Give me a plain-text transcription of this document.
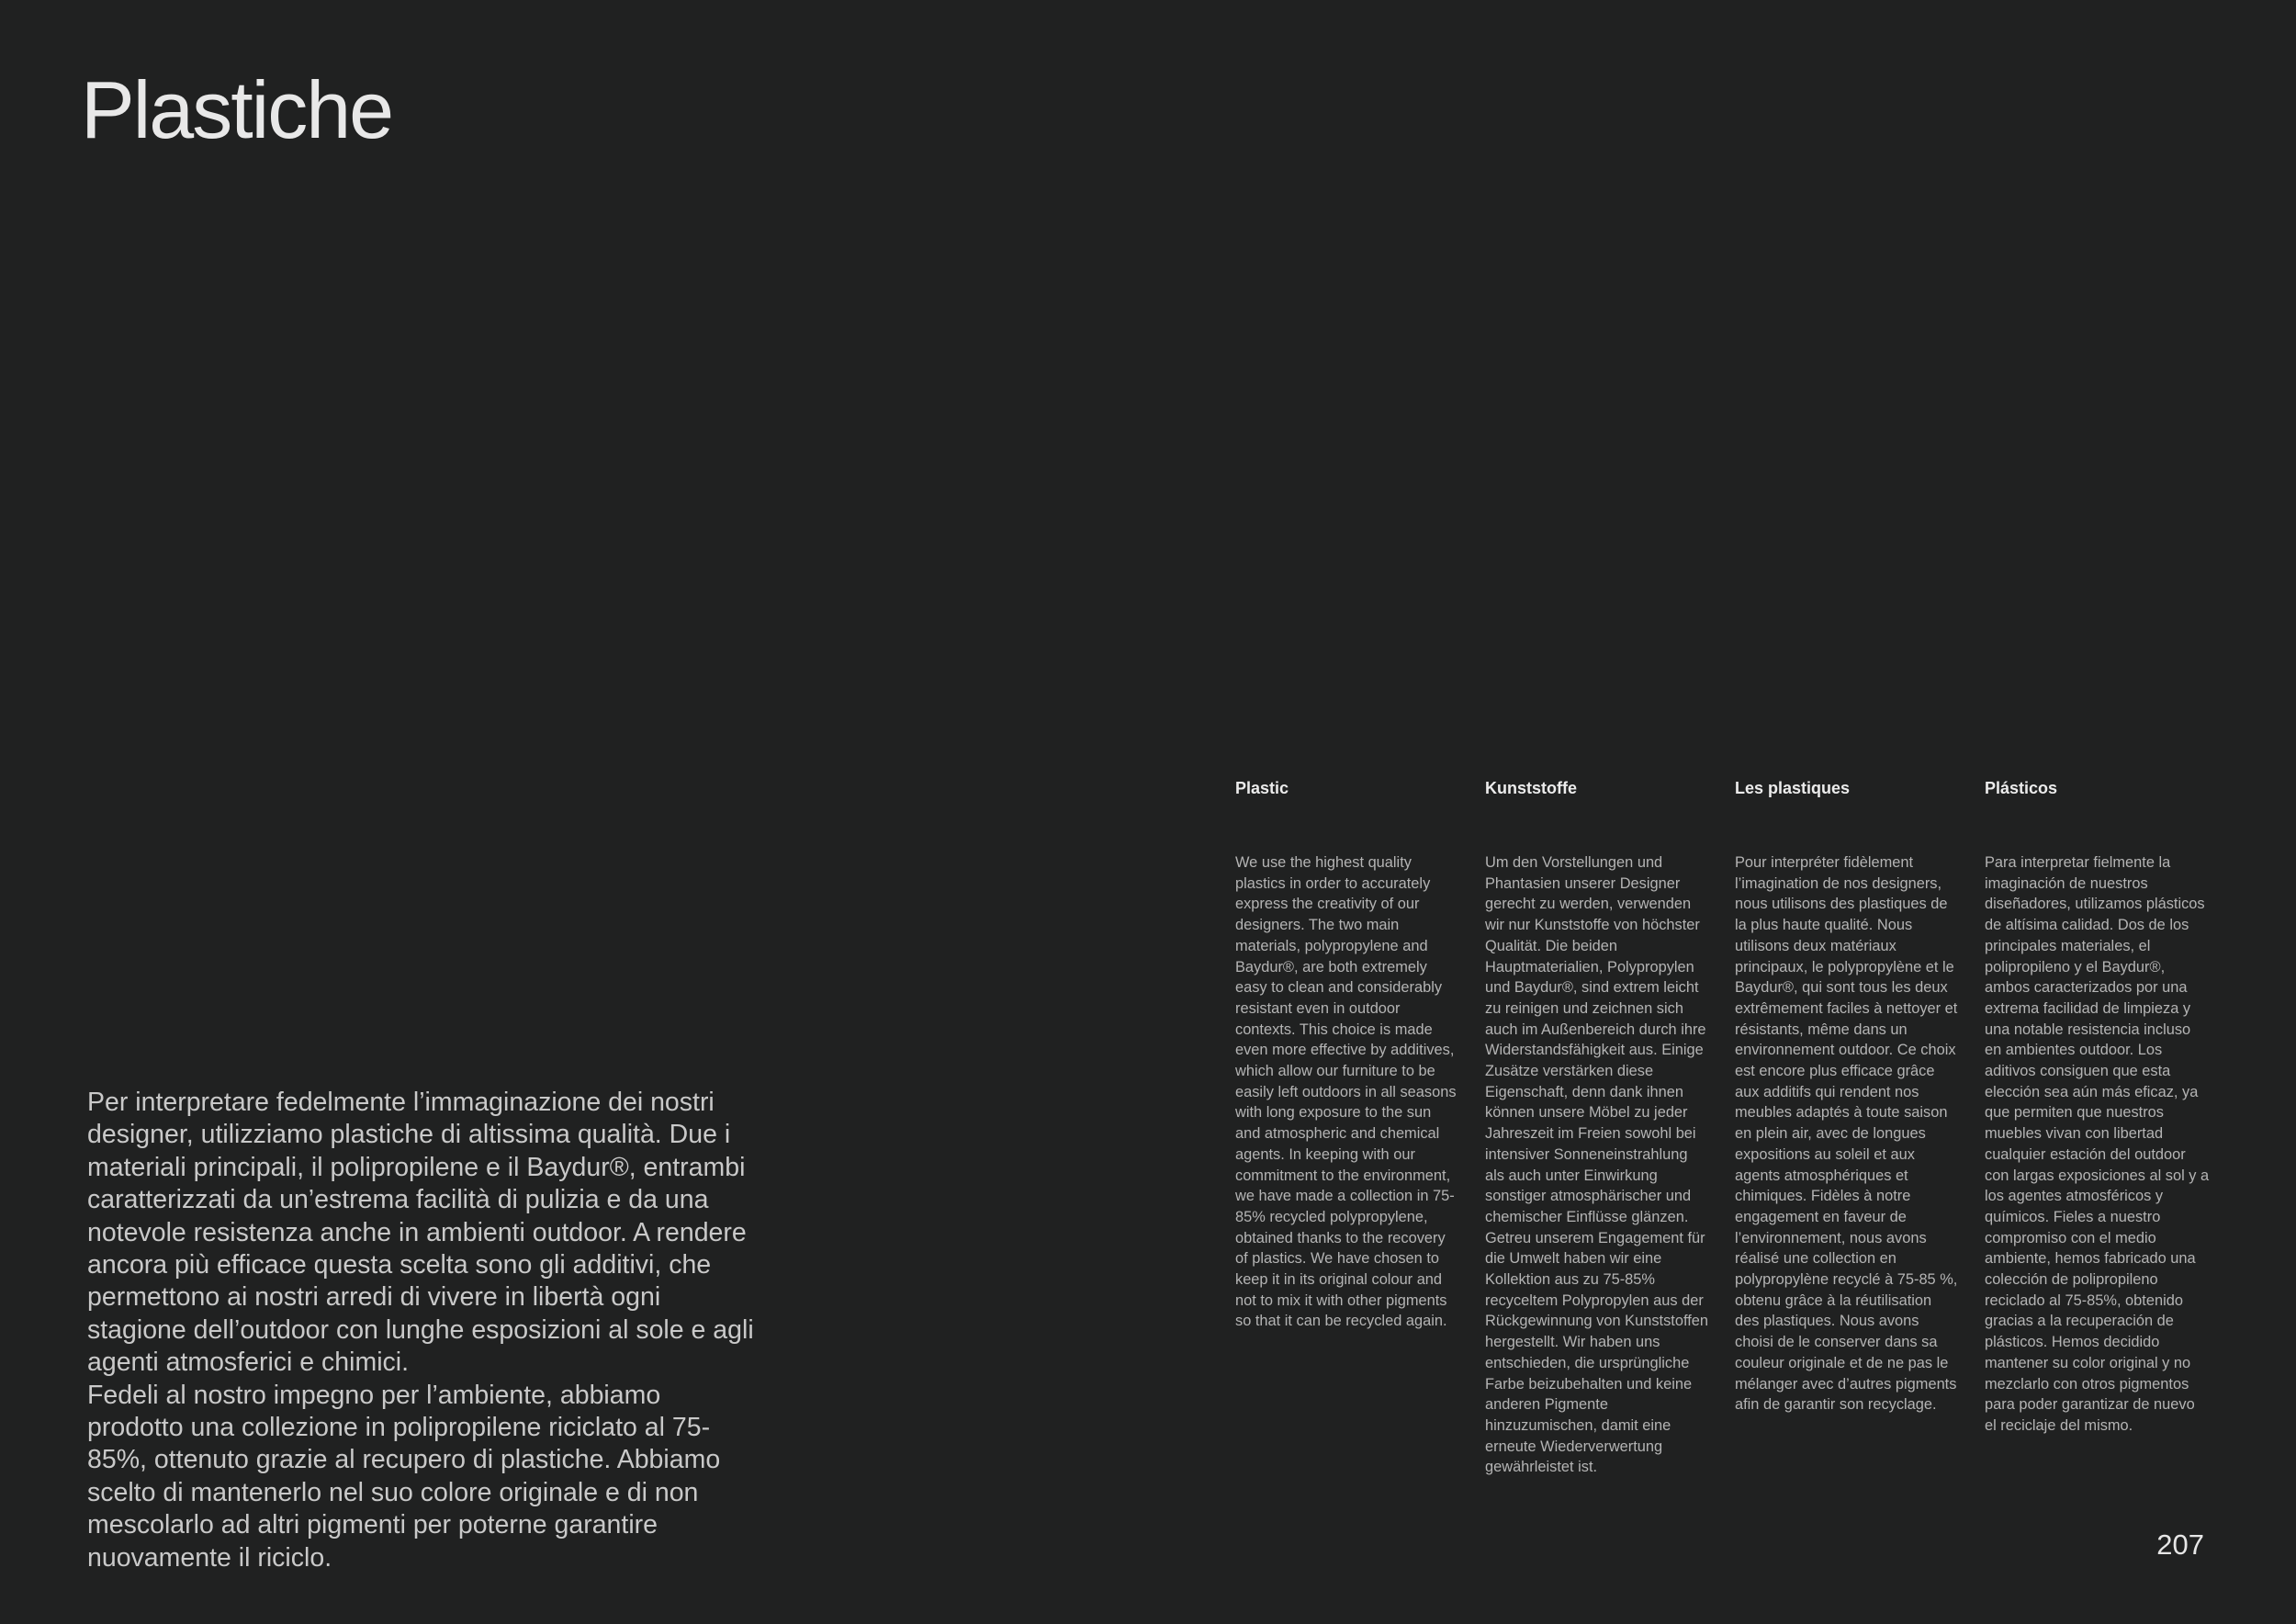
Plastiche

Per interpretare fedelmente l’immaginazione dei nostri designer, utilizziamo plastiche di altissima qualità. Due i materiali principali, il polipropilene e il Baydur®, entrambi caratterizzati da un’estrema facilità di pulizia e da una notevole resistenza anche in ambienti outdoor. A rendere ancora più efficace questa scelta sono gli additivi, che permettono ai nostri arredi di vivere in libertà ogni stagione dell’outdoor con lunghe esposizioni al sole e agli agenti atmosferici e chimici.

Fedeli al nostro impegno per l’ambiente, abbiamo prodotto una collezione in polipropilene riciclato al 75-85%, ottenuto grazie al recupero di plastiche. Abbiamo scelto di mantenerlo nel suo colore originale e di non mescolarlo ad altri pigmenti per poterne garantire nuovamente il riciclo.

Plastic

We use the highest quality plastics in order to accurately express the creativity of our designers. The two main materials, polypropylene and Baydur®, are both extremely easy to clean and considerably resistant even in outdoor contexts. This choice is made even more effective by additives, which allow our furniture to be easily left outdoors in all seasons with long exposure to the sun and atmospheric and chemical agents. In keeping with our commitment to the environment, we have made a collection in 75-85% recycled polypropylene, obtained thanks to the recovery of plastics. We have chosen to keep it in its original colour and not to mix it with other pigments so that it can be recycled again.

Kunststoffe

Um den Vorstellungen und Phantasien unserer Designer gerecht zu werden, verwenden wir nur Kunststoffe von höchster Qualität. Die beiden Hauptmaterialien, Polypropylen und Baydur®, sind extrem leicht zu reinigen und zeichnen sich auch im Außenbereich durch ihre Widerstandsfähigkeit aus. Einige Zusätze verstärken diese Eigenschaft, denn dank ihnen können unsere Möbel zu jeder Jahreszeit im Freien sowohl bei intensiver Sonneneinstrahlung als auch unter Einwirkung sonstiger atmosphärischer und chemischer Einflüsse glänzen. Getreu unserem Engagement für die Umwelt haben wir eine Kollektion aus zu 75-85% recyceltem Polypropylen aus der Rückgewinnung von Kunststoffen hergestellt. Wir haben uns entschieden, die ursprüngliche Farbe beizubehalten und keine anderen Pigmente hinzuzumischen, damit eine erneute Wiederverwertung gewährleistet ist.

Les plastiques

Pour interpréter fidèlement l’imagination de nos designers, nous utilisons des plastiques de la plus haute qualité. Nous utilisons deux matériaux principaux, le polypropylène et le Baydur®, qui sont tous les deux extrêmement faciles à nettoyer et résistants, même dans un environnement outdoor. Ce choix est encore plus efficace grâce aux additifs qui rendent nos meubles adaptés à toute saison en plein air, avec de longues expositions au soleil et aux agents atmosphériques et chimiques. Fidèles à notre engagement en faveur de l’environnement, nous avons réalisé une collection en polypropylène recyclé à 75-85 %, obtenu grâce à la réutilisation des plastiques. Nous avons choisi de le conserver dans sa couleur originale et de ne pas le mélanger avec d’autres pigments afin de garantir son recyclage.

Plásticos

Para interpretar fielmente la imaginación de nuestros diseñadores, utilizamos plásticos de altísima calidad. Dos de los principales materiales, el polipropileno y el Baydur®, ambos caracterizados por una extrema facilidad de limpieza y una notable resistencia incluso en ambientes outdoor. Los aditivos consiguen que esta elección sea aún más eficaz, ya que permiten que nuestros muebles vivan con libertad cualquier estación del outdoor con largas exposiciones al sol y a los agentes atmosféricos y químicos. Fieles a nuestro compromiso con el medio ambiente, hemos fabricado una colección de polipropileno reciclado al 75-85%, obtenido gracias a la recuperación de plásticos. Hemos decidido mantener su color original y no mezclarlo con otros pigmentos para poder garantizar de nuevo el reciclaje del mismo.

207
